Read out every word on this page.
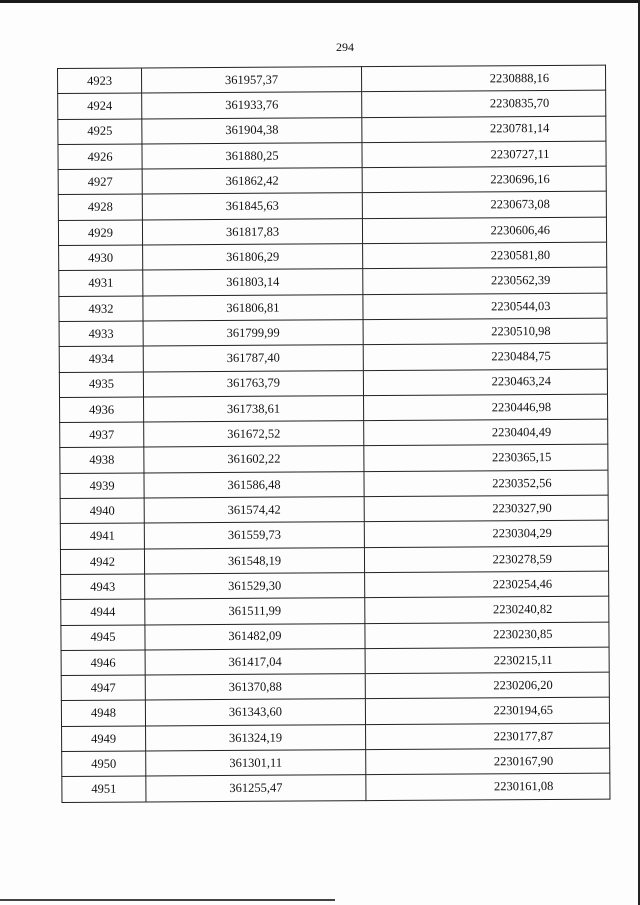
294
4923	361957,37	2230888,16
4924	361933,76	2230835,70
4925	361904,38	2230781,14
4926	361880,25	2230727,11
4927	361862,42	2230696,16
4928	361845,63	2230673,08
4929	361817,83	2230606,46
4930	361806,29	2230581,80
4931	361803,14	2230562,39
4932	361806,81	2230544,03
4933	361799,99	2230510,98
4934	361787,40	2230484,75
4935	361763,79	2230463,24
4936	361738,61	2230446,98
4937	361672,52	2230404,49
4938	361602,22	2230365,15
4939	361586,48	2230352,56
4940	361574,42	2230327,90
4941	361559,73	2230304,29
4942	361548,19	2230278,59
4943	361529,30	2230254,46
4944	361511,99	2230240,82
4945	361482,09	2230230,85
4946	361417,04	2230215,11
4947	361370,88	2230206,20
4948	361343,60	2230194,65
4949	361324,19	2230177,87
4950	361301,11	2230167,90
4951	361255,47	2230161,08
